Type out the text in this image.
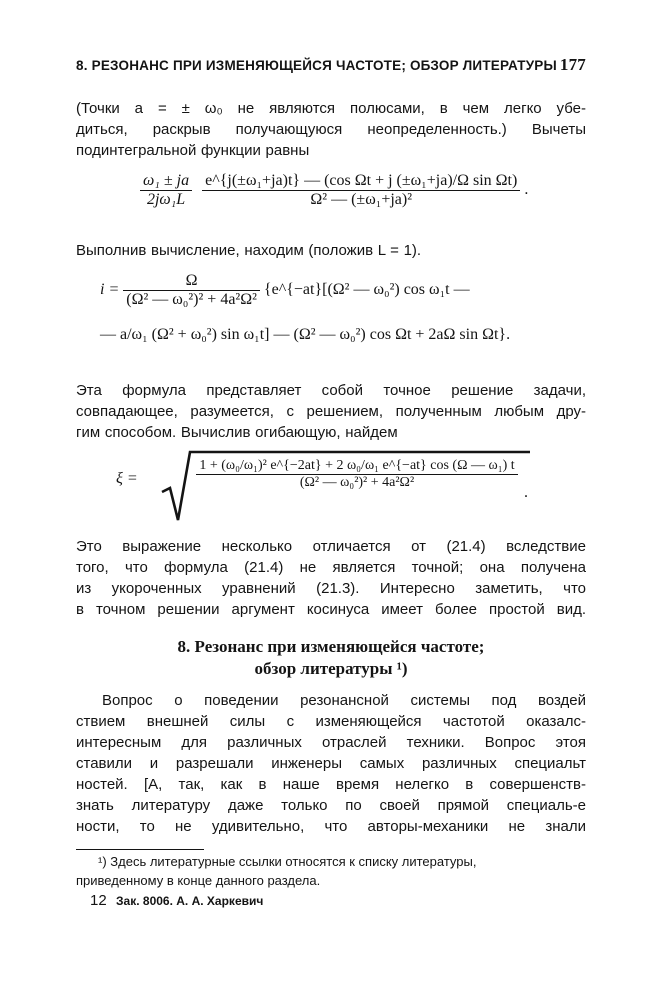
8. РЕЗОНАНС ПРИ ИЗМЕНЯЮЩЕЙСЯ ЧАСТОТЕ; ОБЗОР ЛИТЕРАТУРЫ 177
(Точки a = ± ω₀ не являются полюсами, в чем легко убе-
диться, раскрыв получающуюся неопределенность.) Вычеты
подинтегральной функции равны
$\frac{\text{ω₁ ± ja}}{\text{2jω₁L}}$
$\frac{\text{e\textasciicircum{}\{j(±ω₁+ja)t\} — (cos Ωt + j (±ω₁+ja)/Ω sin Ωt)}}{\text{Ω² — (±ω₁+ja)²}}$ .
Выполнив вычисление, находим (положив L = 1).
$i = \frac{\Omega}{\text{(Ω² — ω₀²)² + 4a²Ω²}}$ {e^{−at}[(Ω² — ω₀²) cos ω₁t —
— a/ω₁ (Ω² + ω₀²) sin ω₁t] — (Ω² — ω₀²) cos Ωt + 2aΩ sin Ωt}.
Эта формула представляет собой точное решение задачи,
совпадающее, разумеется, с решением, полученным любым дру-
гим способом. Вычислив огибающую, найдем
ξ =	$\frac{\text{1 + (ω₀/ω₁)² e\textasciicircum{}\{−2at\} + 2 ω₀/ω₁ e\textasciicircum{}\{−at\} cos (Ω — ω₁) t}}{\text{(Ω² — ω₀²)² + 4a²Ω²}}$
.
Это выражение несколько отличается от (21.4) вследствие
того, что формула (21.4) не является точной; она получена
из укороченных уравнений (21.3). Интересно заметить, что
в точном решении аргумент косинуса имеет более простой вид.
8. Резонанс при изменяющейся частоте;
обзор литературы ¹)
Вопрос о поведении резонансной системы под воздей
ствием внешней силы с изменяющейся частотой оказалс-
интересным для различных отраслей техники. Вопрос этоя
ставили и разрешали инженеры самых различных специальт
ностей. [А, так, как в наше время нелегко в совершенств-
знать литературу даже только по своей прямой специаль-е
ности, то не удивительно, что авторы-механики не знали
¹) Здесь литературные ссылки относятся к списку литературы,
приведенному в конце данного раздела.
12 Зак. 8006. А. А. Харкевич
